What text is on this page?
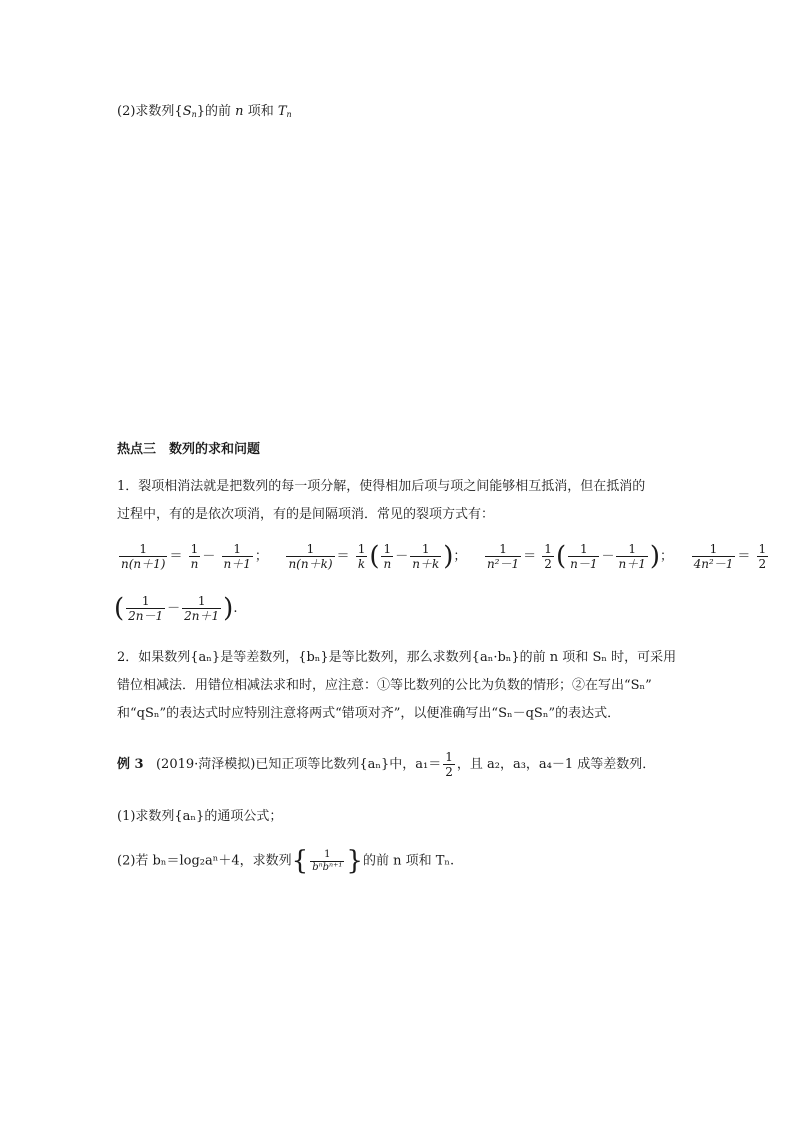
(2)求数列$\{S_n\}$的前 n 项和 $T_n$
热点三　数列的求和问题
1．裂项相消法就是把数列的每一项分解，使得相加后项与项之间能够相互抵消，但在抵消的
过程中，有的是依次项消，有的是间隔项消．常见的裂项方式有：
$\frac{1}{n(n+1)} = \frac{1}{n} - \frac{1}{n+1}$ ； $\frac{1}{n(n+k)} = \frac{1}{k}$ ( $\frac{1}{n} - \frac{1}{n+k}$ )； $\frac{1}{\text{n²－1}} = \frac{1}{2}$ ( $\frac{1}{n-1} - \frac{1}{n+1}$ )； $\frac{1}{\text{4n²－1}} = \frac{1}{2}$
( $\frac{1}{2n-1} - \frac{1}{2n+1}$ ).
2．如果数列{aₙ}是等差数列，{bₙ}是等比数列，那么求数列{aₙ·bₙ}的前 n 项和 Sₙ 时，可采用
错位相减法．用错位相减法求和时，应注意：①等比数列的公比为负数的情形；②在写出“Sₙ”
和“qSₙ”的表达式时应特别注意将两式“错项对齐”，以便准确写出“Sₙ－qSₙ”的表达式．
例 3 (2019·菏泽模拟)已知正项等比数列{aₙ}中，$a_1= \frac{1}{2}$ ，且 a₂，a₃，a₄－1 成等差数列．
(1)求数列{aₙ}的通项公式；
(2)若 bₙ＝log₂aⁿ＋4，求数列{ $\frac{1}{\text{bⁿbⁿ⁺¹}}$ }的前 n 项和 Tₙ.
